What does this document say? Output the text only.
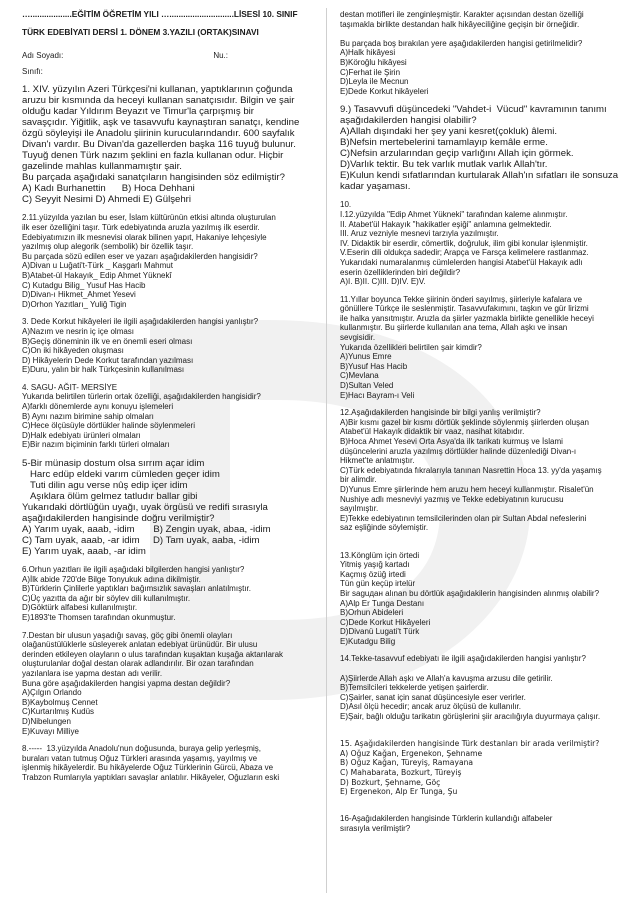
…..................EĞİTİM ÖĞRETİM YILI …............................LİSESİ 10. SINIF
TÜRK EDEBİYATI DERSİ 1. DÖNEM 3.YAZILI (ORTAK)SINAVI
Adı Soyadı:	Nu.:
Sınıfı:
1. XIV. yüzyılın Azeri Türkçesi'ni kullanan, yaptıklarının çoğunda
aruzu bir kısmında da heceyi kullanan sanatçısıdır. Bilgin ve şair
olduğu kadar Yıldırım Beyazıt ve Timur'la çarpışmış bir
savaşçıdır. Yiğitlik, aşk ve tasavvufu kaynaştıran sanatçı, kendine
özgü söyleyişi ile Anadolu şiirinin kurucularındandır. 600 sayfalık
Divan'ı vardır. Bu Divan'da gazellerden başka 116 tuyuğ bulunur.
Tuyuğ denen Türk nazım şeklini en fazla kullanan odur. Hiçbir
gazelinde mahlas kullanmamıştır şair.
Bu parçada aşağıdaki sanatçıların hangisinden söz edilmiştir?
A) Kadı Burhanettin      B) Hoca Dehhani
C) Seyyit Nesimi D) Ahmedi E) Gülşehri
2.11.yüzyılda yazılan bu eser, İslam kültürünün etkisi altında oluşturulan
ilk eser özelliğini taşır. Türk edebiyatında aruzla yazılmış ilk eserdir.
Edebiyatımızın ilk mesnevisi olarak bilinen yapıt, Hakaniye lehçesiyle
yazılmış olup alegorik (sembolik) bir özellik taşır.
Bu parçada sözü edilen eser ve yazarı aşağıdakilerden hangisidir?
A)Divan u Luğati't-Türk _ Kaşgarlı Mahmut
B)Atabet-ül Hakayık_ Edip Ahmet Yüknekî
C) Kutadgu Bilig_ Yusuf Has Hacib
D)Divan-ı Hikmet_Ahmet Yesevi
D)Orhon Yazıtları_ Yuliğ Tigin
3. Dede Korkut hikâyeleri ile ilgili aşağıdakilerden hangisi yanlıştır?
A)Nazım ve nesrin iç içe olması
B)Geçiş döneminin ilk ve en önemli eseri olması
C)On iki hikâyeden oluşması
D) Hikâyelerin Dede Korkut tarafından yazılması
E)Duru, yalın bir halk Türkçesinin kullanılması
4. SAGU- AĞIT- MERSİYE
Yukarıda belirtilen türlerin ortak özelliği, aşağıdakilerden hangisidir?
A)farklı dönemlerde aynı konuyu işlemeleri
B) Aynı nazım birimine sahip olmaları
C)Hece ölçüsüyle dörtlükler halinde söylenmeleri
D)Halk edebiyatı ürünleri olmaları
E)Bir nazım biçiminin farklı türleri olmaları
5-Bir münasip dostum olsa sırrım açar idim
Harc edüp eldeki varım cümleden geçer idim
Tuti dilin agu verse nûş edip içer idim
Aşıklara ölüm gelmez tatludır ballar gibi
Yukarıdaki dörtlüğün uyağı, uyak örgüsü ve redifi sırasıyla
aşağıdakilerden hangisinde doğru verilmiştir?
A) Yarım uyak, aaab, -idim       B) Zengin uyak, abaa, -idim
C) Tam uyak, aaab, -ar idim     D) Tam uyak, aaba, -idim
E) Yarım uyak, aaab, -ar idim
6.Orhun yazıtları ile ilgili aşağıdaki bilgilerden hangisi yanlıştır?
A)İlk abide 720'de Bilge Tonyukuk adına dikilmiştir.
B)Türklerin Çinlilerle yaptıkları bağımsızlık savaşları anlatılmıştır.
C)Üç yazıtta da ağır bir söylev dili kullanılmıştır.
D)Göktürk alfabesi kullanılmıştır.
E)1893'te Thomsen tarafından okunmuştur.
7.Destan bir ulusun yaşadığı savaş, göç gibi önemli olayları
olağanüstülüklerle süsleyerek anlatan edebiyat ürünüdür. Bir ulusu
derinden etkileyen olayların o ulus tarafından kuşaktan kuşağa aktarılarak
oluşturulanlar doğal destan olarak adlandırılır. Bir ozan tarafından
yazılanlara ise yapma destan adı verilir.
Buna göre aşağıdakilerden hangisi yapma destan değildir?
A)Çılgın Orlando
B)Kaybolmuş Cennet
C)Kurtarılmış Kudüs
D)Nibelungen
E)Kuvayı Milliye
8.-----  13.yüzyılda Anadolu'nun doğusunda, buraya gelip yerleşmiş,
buraları vatan tutmuş Oğuz Türkleri arasında yaşamış, yayılmış ve
işlenmiş hikâyelerdir. Bu hikâyelerde Oğuz Türklerinin Gürcü, Abaza ve
Trabzon Rumlarıyla yaptıkları savaşlar anlatılır. Hikâyeler, Oğuzların eski
destan motifleri ile zenginleşmiştir. Karakter açısından destan özelliği
taşımakla birlikte destandan halk hikâyeciliğine geçişin bir örneğidir.

Bu parçada boş bırakılan yere aşağıdakilerden hangisi getirilmelidir?
A)Halk hikâyesi
B)Köroğlu hikâyesi
C)Ferhat ile Şirin
D)Leyla ile Mecnun
E)Dede Korkut hikâyeleri
9.) Tasavvufi düşüncedeki "Vahdet-i  Vücud" kavramının tanımı
aşağıdakilerden hangisi olabilir?
A)Allah dışındaki her şey yani kesret(çokluk) âlemi.
B)Nefsin mertebelerini tamamlayıp kemâle erme.
C)Nefsin arzularından geçip varlığını Allah için görmek.
D)Varlık tektir. Bu tek varlık mutlak varlık Allah'tır.
E)Kulun kendi sıfatlarından kurtularak Allah'ın sıfatları ile sonsuza
kadar yaşaması.
10.
I.12.yüzyılda "Edip Ahmet Yükneki" tarafından kaleme alınmıştır.
II. Atabet'ül Hakayık "hakikatler eşiği" anlamına gelmektedir.
III. Aruz vezniyle mesnevi tarzıyla yazılmıştır.
IV. Didaktik bir eserdir, cömertlik, doğruluk, ilim gibi konular işlenmiştir.
V.Eserin dili oldukça sadedir; Arapça ve Farsça kelimelere rastlanmaz.
Yukarıdaki numaralanmış cümlelerden hangisi Atabet'ül Hakayık adlı
eserin özelliklerinden biri değildir?
A)I. B)II. C)III. D)IV. E)V.
11.Yıllar boyunca Tekke şiirinin önderi sayılmış, şiirleriyle kafalara ve
gönüllere Türkçe ile seslenmiştir. Tasavvufakımını, taşkın ve gür lirizmi
ile halka yansıtmıştır. Aruzla da şiirler yazmakla birlikte genellikle heceyi
kullanmıştır. Bu şiirlerde kullanılan ana tema, Allah aşkı ve insan
sevgisidir.
Yukarıda özellikleri belirtilen şair kimdir?
A)Yunus Emre
B)Yusuf Has Hacib
C)Mevlana
D)Sultan Veled
E)Hacı Bayram-ı Veli
12.Aşağıdakilerden hangisinde bir bilgi yanlış verilmiştir?
A)Bir kısmı gazel bir kısmı dörtlük şeklinde söylenmiş şiirlerden oluşan
Atabet'ül Hakayık didaktik bir vaaz, nasihat kitabıdır.
B)Hoca Ahmet Yesevi Orta Asya'da ilk tarikatı kurmuş ve İslami
düşüncelerini aruzla yazılmış dörtlükler halinde düzenlediği Divan-ı
Hikmet'te anlatmıştır.
C)Türk edebiyatında fıkralarıyla tanınan Nasrettin Hoca 13. yy'da yaşamış
bir alimdir.
D)Yunus Emre şiirlerinde hem aruzu hem heceyi kullanmıştır. Risalet'ün
Nushiye adlı mesneviyi yazmış ve Tekke edebiyatının kurucusu
sayılmıştır.
E)Tekke edebiyatının temsilcilerinden olan pir Sultan Abdal nefeslerini
saz eşliğinde söylemiştir.

13.Könglüm için örtedi
Yitmiş yaşığ kartadı
Kaçmış özüğ irtedi
Tün gün keçüp irtelür
Bir saguдан alınan bu dörtlük aşağıdakilerin hangisinden alınmış olabilir?
A)Alp Er Tunga Destanı
B)Orhun Abideleri
C)Dede Korkut Hikâyeleri
D)Divanü Lugati't Türk
E)Kutadgu Bilig
14.Tekke-tasavvuf edebiyatı ile ilgili aşağıdakilerden hangisi yanlıştır?

A)Şiirlerde Allah aşkı ve Allah'a kavuşma arzusu dile getirilir.
B)Temsilcileri tekkelerde yetişen şairlerdir.
C)Şairler, sanat için sanat düşüncesiyle eser verirler.
D)Asıl ölçü hecedir; ancak aruz ölçüsü de kullanılır.
E)Şair, bağlı olduğu tarikatın görüşlerini şiir aracılığıyla duyurmaya çalışır.

15. Aşağıdakilerden hangisinde Türk destanları bir arada verilmiştir?
A) Oğuz Kağan, Ergenekon, Şehname
B) Oğuz Kağan, Türeyiş, Ramayana
C) Mahabarata, Bozkurt, Türeyiş
D) Bozkurt, Şehname, Göç
E) Ergenekon, Alp Er Tunga, Şu

16-Aşağıdakilerden hangisinde Türklerin kullandığı alfabeler
sırasıyla verilmiştir?
